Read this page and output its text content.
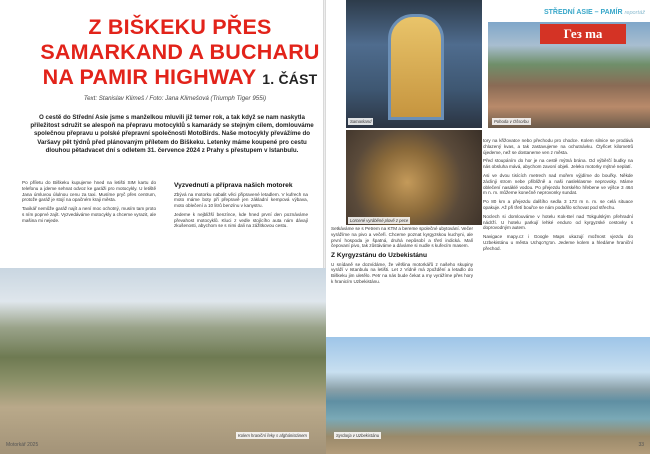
Z BIŠKEKU PŘES SAMARKAND A BUCHARU NA PAMIR HIGHWAY 1. ČÁST
Text: Stanislav Klimeš / Foto: Jana Klimešová (Triumph Tiger 955i)
O cestě do Střední Asie jsme s manželkou mluvili již temer rok, a tak když se nam naskytla příležitost sdružit se alespoň na přepravu motocyklů s kamarády se stejným cílem, domlouváme společnou přepravu u polské přepravní společnosti MotoBirds. Naše motocykly převážíme do Varšavy pět týdnů před plánovaným příletem do Biškeku. Letenky máme koupené pro cestu dlouhou pětadvacet dní s odletem 31. července 2024 z Prahy s přestupem v Istanbulu.

Po příletu do Biškeku kupujeme hned na letišti SIM kartu do telefonu a jdeme sehnat odvoz ke garáži pro motocykly. U letiště Jana úmluvou úlulnou cenu za taxi. Musíme pryč přes centrum, protože garáž je stojí na opačném kraji města.

Taxikář nemůže garáž najít a není moc ochotný, musím tam proto s ním poprvé zajít. Vyzvedáváme motocykly a chceme vyrazit, ale mašina mi nejede.

Vyzvednutí a příprava našich motorek

Zbývá na motorku nabalit věci připravené letadlem. V kufrech na moto máme boty při přepravě jen základní kempová výbava, moto oblečení a 10 litrů benzínu v kanystru.

Jedeme k nejbližší benzínce, kde hned první den poznáváme převahost motocyklů. Kluci z vedle stojícího auta nám dávají zkušenosti, abychom se s nimi dali na zážitkovou cestu.

Kolem hraniční řeky s afghánistánem
Motorkář 2025
STŘEDNÍ ASIE – PAMÍR reportáž
Samarkand
Гез ma
Pohoda v Óšsorbu
Lorcené vyráběné plově z pece

Setkáváme se s Petrem na KTM a bereme společné ubytování. Večer vyrážíme na pivo a večeři. Chceme poznat kyrgyzskou kuchyni, ale první hospoda je špatná, druhá nepůsobí a třetí indická. Malí čepovaní pivo, tak zůstáváme a dáváme si nudle s kuřecím masem.

Z Kyrgyzstánu do Uzbekistánu

U snídaně se dozvídáme, že většina motorkářů z našeho skupiny vyráží v Istanbulu na letišti. Let z Vídně má zpoždění a letadlo do Biškeku jim uletělo. Petr na nás bude čekat a my vyrážíme přes hory k hranicím Uzbekistánu.

tory na křižovatce nebo přechodu pro chodce. Kolem silnice se prodává chlazený kvas, a tak zastavujeme na ochutnávku. Čtyřicet kilometrů újedeme, než se dostaneme ven z města.

Před stoupáním do hor je na cestě mýtná brána. Od výběrčí budky na nás obsluha mává, abychom zavoní objeli. Jeleko motorky mýtné neplatí.

Asi ve dvou tisících metrech nad mořem výjdíme do bouřky. Někde záclinji strom nebe přibližně a naši nasleklasme neprovoky. Máme oblečení nasáklé vodou. Po přejezdu horského hřebene ve výšce 3 464 m n. m. můžeme konečně neprovonky sundat.

Po 80 km a přejezdu dalšího sedla 3 173 m n. m. se celá situace opakuje. Až při třetí bouřce se nám podařilo schovat pod střechu.

Noclech si domlouváme v hotelu Kok-Bel nad Tokgulským přehradní nádrží. U hotelu parkují lehké enduro od kyrgyzské cestovky s doprovodným autem.

Navigace mapy.cz i Google Maps ukazují možnost vjezdu do Uzbekistánu u města Uchqo'rg'on. Jedeme kolem a hledáme hraniční přechod.

Syrdarja v Uzbekistánu
33
